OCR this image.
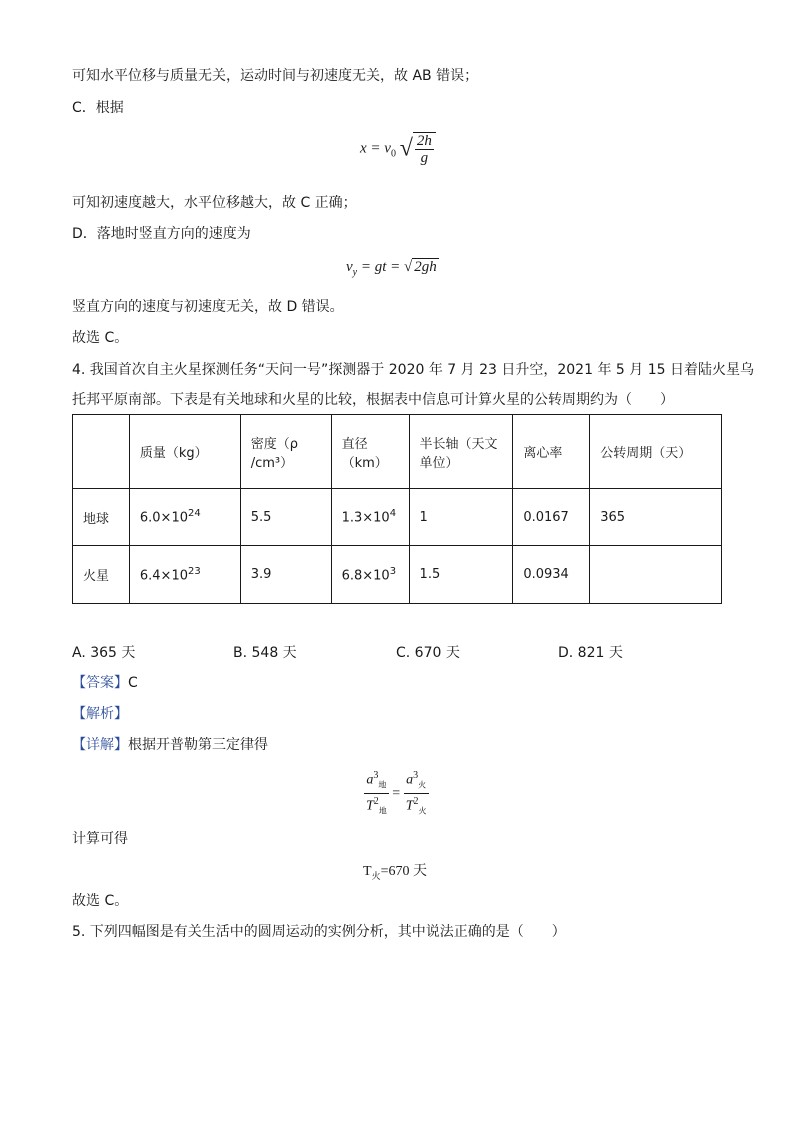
可知水平位移与质量无关，运动时间与初速度无关，故 AB 错误；
C．根据
$x = v_0$ √ $\frac{2h}{g}$
可知初速度越大，水平位移越大，故 C 正确；
D．落地时竖直方向的速度为
$v_y$ = gt = √ 2gh
竖直方向的速度与初速度无关，故 D 错误。
故选 C。
4. 我国首次自主火星探测任务“天问一号”探测器于 2020 年 7 月 23 日升空，2021 年 5 月 15 日着陆火星乌
托邦平原南部。下表是有关地球和火星的比较，根据表中信息可计算火星的公转周期约为（　　）
	质量（kg）	密度（ρ
/cm³）	直径
（km）	半长轴（天文
单位）	离心率	公转周期（天）
地球	$6.0\times 10^{24}$	5.5	$1.3\times 10^4$	1	0.0167	365
火星	$6.4\times 10^{23}$	3.9	$6.8\times 10^3$	1.5	0.0934	
A. 365 天	B. 548 天	C. 670 天	D. 821 天
【答案】C
【解析】
【详解】根据开普勒第三定律得
$\frac{a^3_地}{T^2_地} = \frac{a^3_火}{T^2_火}$
计算可得
$T_火=670$ 天
故选 C。
5. 下列四幅图是有关生活中的圆周运动的实例分析，其中说法正确的是（　　）
